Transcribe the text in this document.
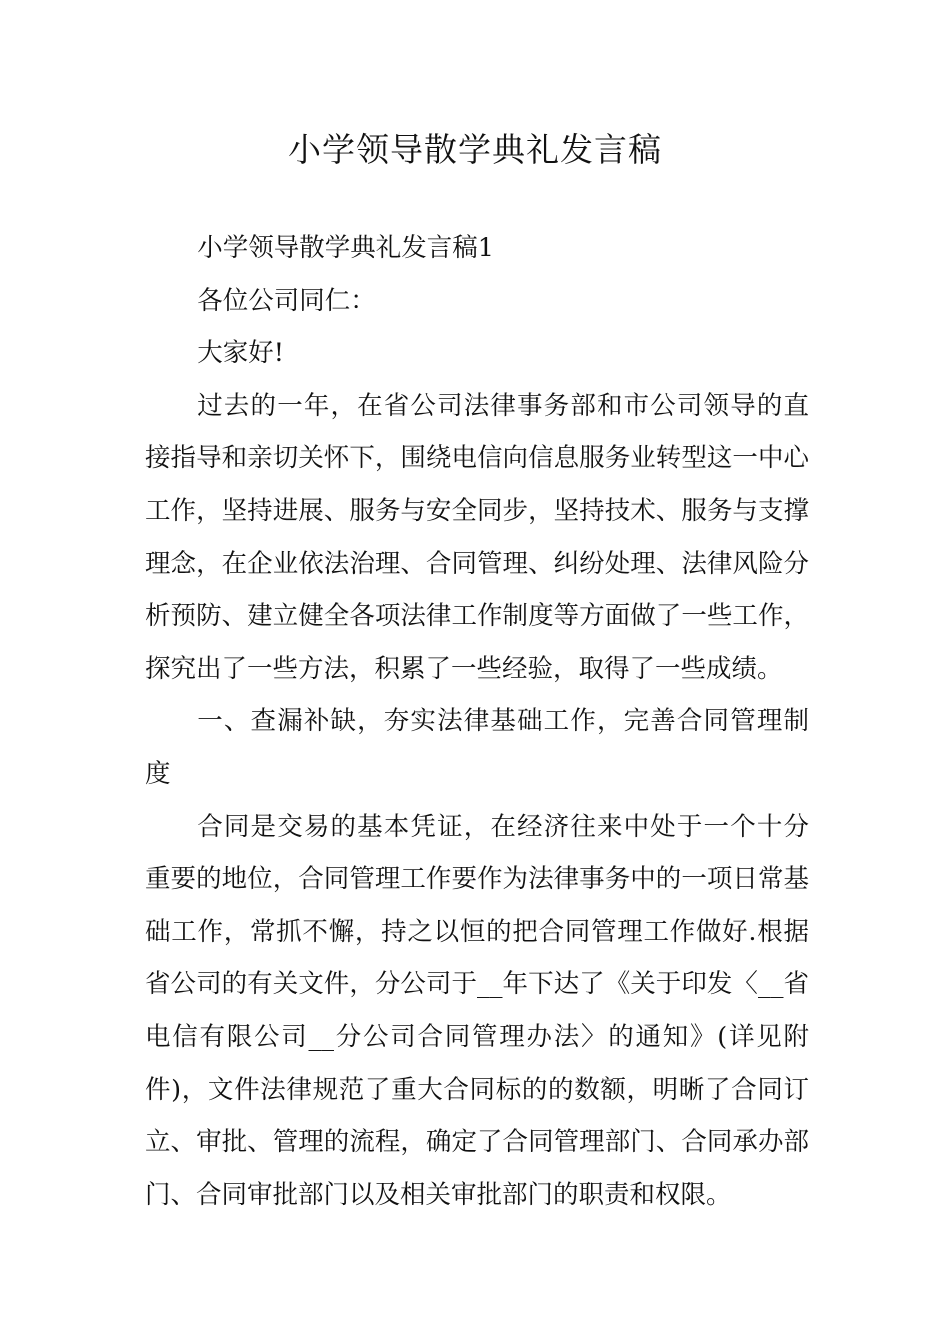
小学领导散学典礼发言稿

小学领导散学典礼发言稿1

各位公司同仁：

大家好!

过去的一年，在省公司法律事务部和市公司领导的直接指导和亲切关怀下，围绕电信向信息服务业转型这一中心工作，坚持进展、服务与安全同步，坚持技术、服务与支撑理念，在企业依法治理、合同管理、纠纷处理、法律风险分析预防、建立健全各项法律工作制度等方面做了一些工作，探究出了一些方法，积累了一些经验，取得了一些成绩。

一、查漏补缺，夯实法律基础工作，完善合同管理制度

合同是交易的基本凭证，在经济往来中处于一个十分重要的地位，合同管理工作要作为法律事务中的一项日常基础工作，常抓不懈，持之以恒的把合同管理工作做好.根据省公司的有关文件，分公司于__年下达了《关于印发〈__省电信有限公司__分公司合同管理办法〉的通知》(详见附件)，文件法律规范了重大合同标的的数额，明晰了合同订立、审批、管理的流程，确定了合同管理部门、合同承办部门、合同审批部门以及相关审批部门的职责和权限。
